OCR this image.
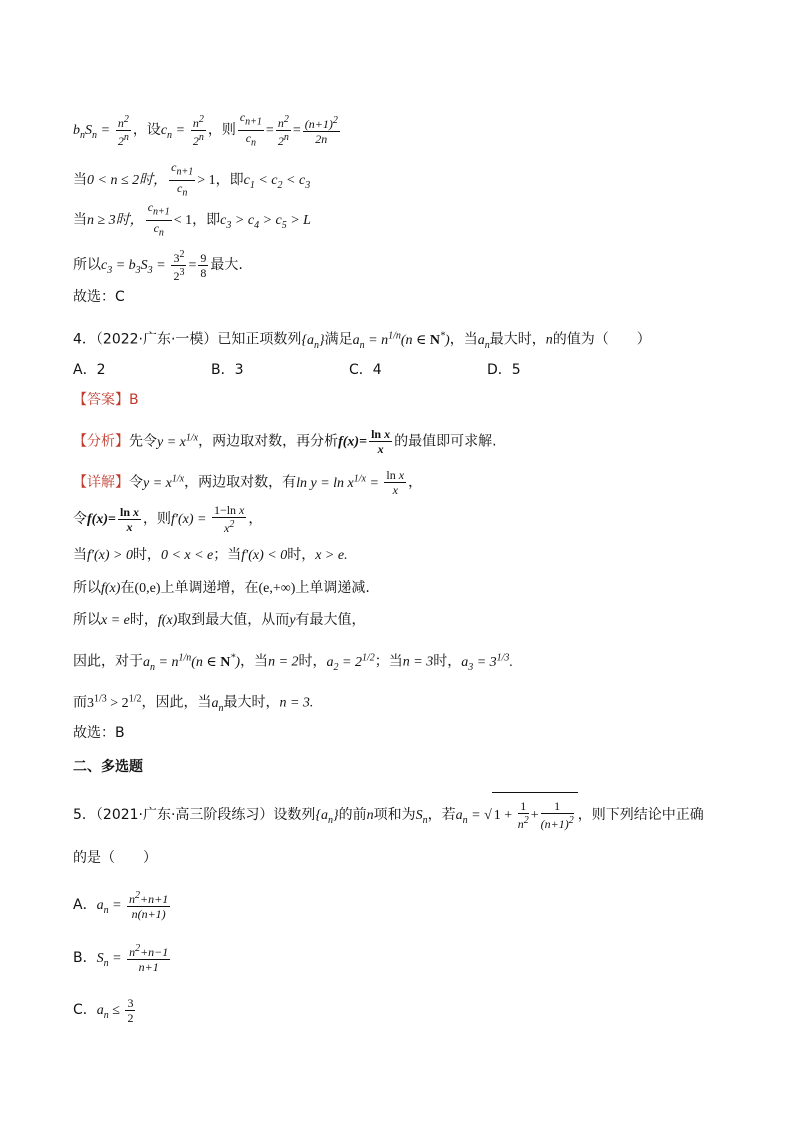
$b_nS_n = \frac{n^2}{2^n}$ ，设$c_n = \frac{n^2}{2^n}$ ，则 $\frac{c_{n+1}}{c_n} = \frac{n^2}{2^n} = \frac{(n+1)^2}{2n}$
当0 < n ≤ 2时， $\frac{c_{n+1}}{c_n} > 1$，即$c_1 < c_2 < c_3$
当n ≥ 3时， $\frac{c_{n+1}}{c_n} < 1$，即$c_3 > c_4 > c_5 > L$
所以$c_3 = b_3S_3 = \frac{3^2}{2^3} = \frac{9}{8}$ 最大.
故选：C
4．（2022·广东·一模）已知正项数列$\{a_n\}$满足$a_n = n^{1/n}(n$ ∈ N*)，当$a_n$最大时，n的值为（　　）
A．2	B．3	C．4	D．5
【答案】B
【分析】先令$y = x^{1/x}$，两边取对数，再分析$f(x)= \frac{\text{ln x}}{x}$ 的最值即可求解.
【详解】令$y = x^{1/x}$，两边取对数，有$\ln y = \ln x^{1/x} = \frac{\text{ln x}}{x}$ ，
令$f(x)= \frac{\text{ln x}}{x}$ ，则$f'(x) = \frac{\text{1−ln x}}{x^2}$ ，
当f′(x) > 0时，0 < x < e；当f′(x) < 0时，x > e.
所以f(x)在(0,e)上单调递增，在(e,+∞)上单调递减.
所以x = e时，f(x)取到最大值，从而y有最大值，
因此，对于$a_n = n^{1/n}(n$ ∈ N*)，当n = 2时，$a_2 = 2^{1/2}$；当n = 3时，$a_3 = 3^{1/3}$.
而$3^{1/3} > 2^{1/2}$，因此，当$a_n$最大时，n = 3.
故选：B
二、多选题
5．（2021·广东·高三阶段练习）设数列$\{a_n\}$的前n项和为$S_n$，若$a_n$ = √ $1 + \frac{1}{n^2} + \frac{1}{(n+1)^2}$ ，则下列结论中正确
的是（　　）
A．$a_n = \frac{n^2+n+1}{n(n+1)}$
B．$S_n = \frac{n^2+n-1}{n+1}$
C．$a_n \le \frac{3}{2}$
